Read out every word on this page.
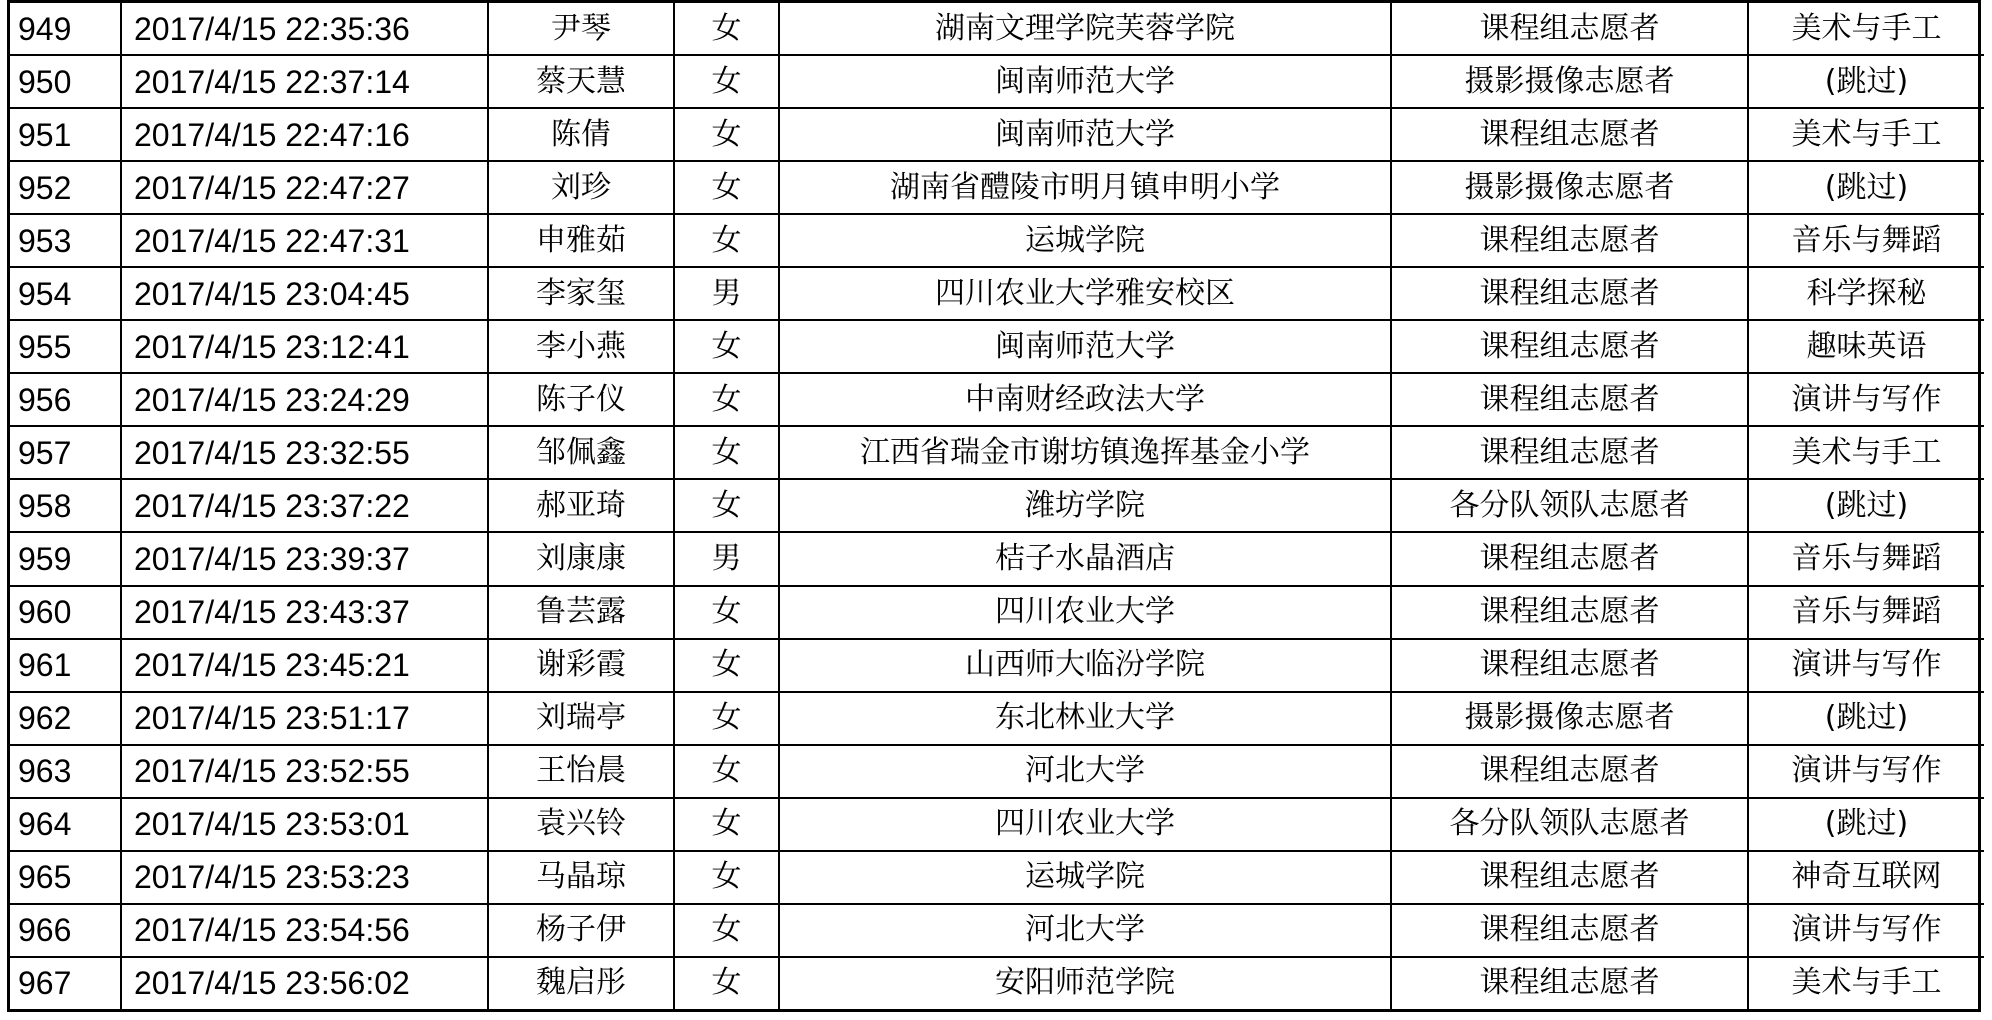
949	2017/4/15 22:35:36	尹琴	女	湖南文理学院芙蓉学院	课程组志愿者	美术与手工
950	2017/4/15 22:37:14	蔡天慧	女	闽南师范大学	摄影摄像志愿者	(跳过)
951	2017/4/15 22:47:16	陈倩	女	闽南师范大学	课程组志愿者	美术与手工
952	2017/4/15 22:47:27	刘珍	女	湖南省醴陵市明月镇申明小学	摄影摄像志愿者	(跳过)
953	2017/4/15 22:47:31	申雅茹	女	运城学院	课程组志愿者	音乐与舞蹈
954	2017/4/15 23:04:45	李家玺	男	四川农业大学雅安校区	课程组志愿者	科学探秘
955	2017/4/15 23:12:41	李小燕	女	闽南师范大学	课程组志愿者	趣味英语
956	2017/4/15 23:24:29	陈子仪	女	中南财经政法大学	课程组志愿者	演讲与写作
957	2017/4/15 23:32:55	邹佩鑫	女	江西省瑞金市谢坊镇逸挥基金小学	课程组志愿者	美术与手工
958	2017/4/15 23:37:22	郝亚琦	女	潍坊学院	各分队领队志愿者	(跳过)
959	2017/4/15 23:39:37	刘康康	男	桔子水晶酒店	课程组志愿者	音乐与舞蹈
960	2017/4/15 23:43:37	鲁芸露	女	四川农业大学	课程组志愿者	音乐与舞蹈
961	2017/4/15 23:45:21	谢彩霞	女	山西师大临汾学院	课程组志愿者	演讲与写作
962	2017/4/15 23:51:17	刘瑞亭	女	东北林业大学	摄影摄像志愿者	(跳过)
963	2017/4/15 23:52:55	王怡晨	女	河北大学	课程组志愿者	演讲与写作
964	2017/4/15 23:53:01	袁兴铃	女	四川农业大学	各分队领队志愿者	(跳过)
965	2017/4/15 23:53:23	马晶琼	女	运城学院	课程组志愿者	神奇互联网
966	2017/4/15 23:54:56	杨子伊	女	河北大学	课程组志愿者	演讲与写作
967	2017/4/15 23:56:02	魏启彤	女	安阳师范学院	课程组志愿者	美术与手工
